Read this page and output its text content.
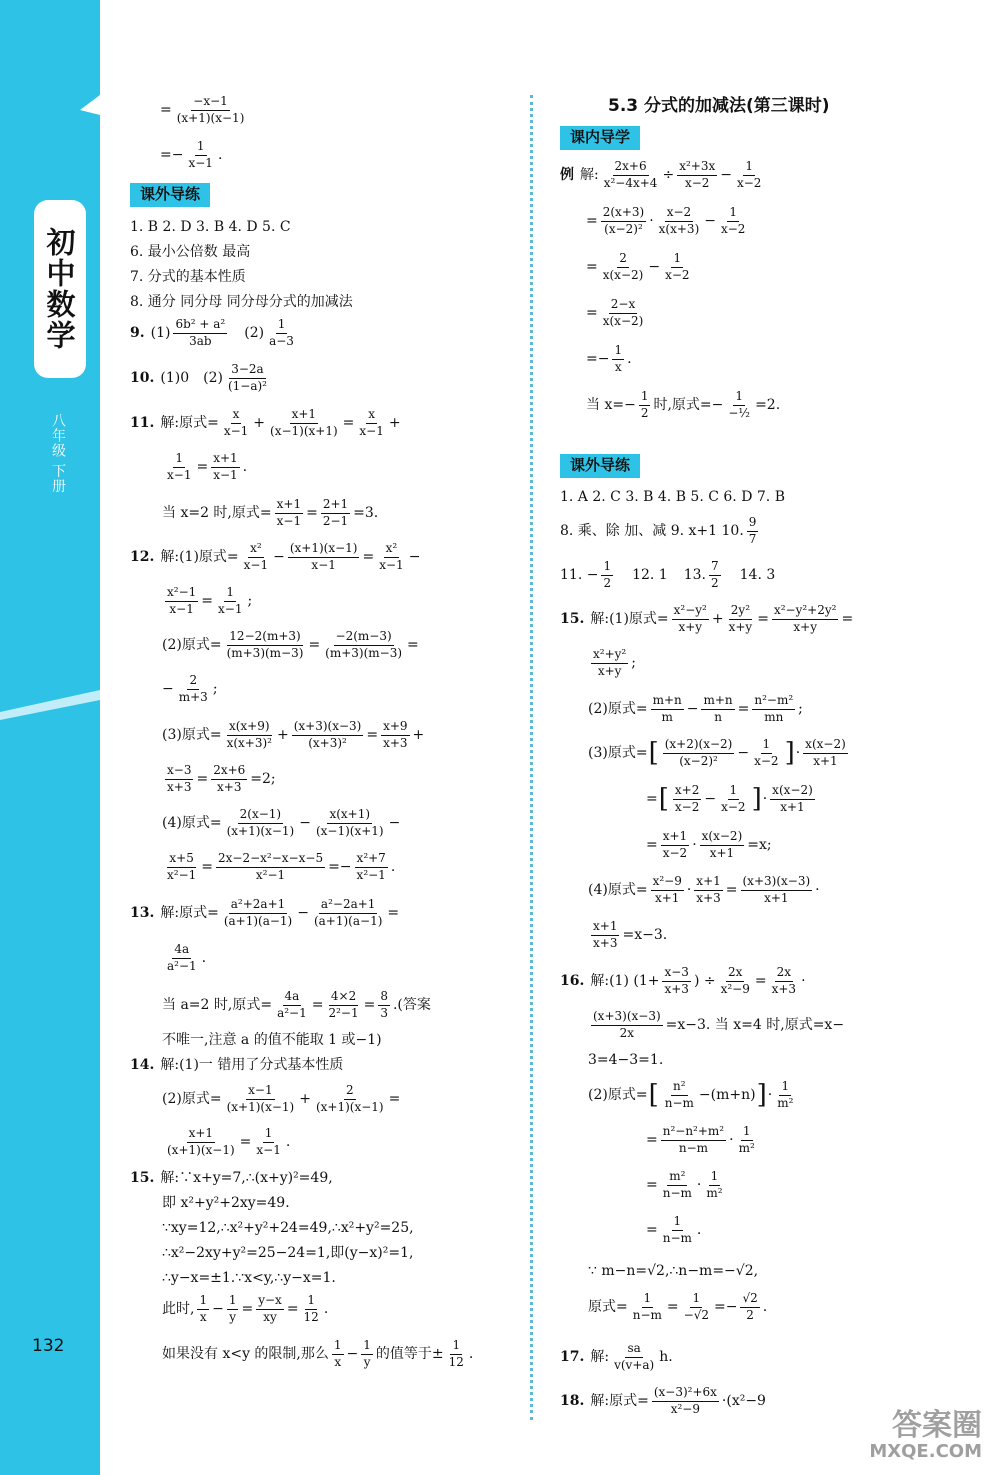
初中数学
八年级 下册
132
= $\frac{-x-1}{(x+1)(x-1)}$
=− $\frac{1}{x-1}$ .
课外导练
1. B 2. D 3. B 4. D 5. C
6. 最小公倍数 最高
7. 分式的基本性质
8. 通分 同分母 同分母分式的加减法
9. $(1) \frac{\text{6b² + a²}}{3ab} (2) \frac{1}{a-3}$
10. (1)0 $(2) \frac{3-2a}{\text{(1−a)²}}$
11. 解:原式= $\frac{x}{x-1} + \frac{x+1}{(x-1)(x+1)} = \frac{x}{x-1}$ +
$\frac{1}{x-1} = \frac{x+1}{x-1}$ .
当 x=2 时,原式= $\frac{x+1}{x-1} = \frac{2+1}{2-1} =3$.
12. 解:(1)原式= $\frac{\text{x²}}{x-1} - \frac{(x+1)(x-1)}{x-1} = \frac{\text{x²}}{x-1}$ −
$\frac{\text{x²−1}}{x-1} = \frac{1}{x-1}$ ;
(2)原式= $\frac{12-2(m+3)}{(m+3)(m-3)} = \frac{-2(m-3)}{(m+3)(m-3)}$ =
− $\frac{2}{m+3}$ ;
(3)原式= $\frac{x(x+9)}{\text{x(x+3)²}} + \frac{(x+3)(x-3)}{\text{(x+3)²}} = \frac{x+9}{x+3}$ +
$\frac{x-3}{x+3} = \frac{2x+6}{x+3} =2$;
(4)原式= $\frac{2(x-1)}{(x+1)(x-1)} - \frac{x(x+1)}{(x-1)(x+1)}$ −
$\frac{x+5}{\text{x²−1}} = \frac{\text{2x−2−x²−x−x−5}}{\text{x²−1}} =- \frac{\text{x²+7}}{\text{x²−1}}$ .
13. 解:原式= $\frac{\text{a²+2a+1}}{(a+1)(a-1)} - \frac{\text{a²−2a+1}}{(a+1)(a-1)}$ =
$\frac{4a}{\text{a²−1}}$ .
当 a=2 时,原式= $\frac{4a}{\text{a²−1}} = \frac{4\times 2}{\text{2²−1}} = \frac{8}{3}$ .(答案
不唯一,注意 a 的值不能取 1 或−1)
14. 解:(1)一 错用了分式基本性质
(2)原式= $\frac{x-1}{(x+1)(x-1)} + \frac{2}{(x+1)(x-1)}$ =
$\frac{x+1}{(x+1)(x-1)} = \frac{1}{x-1}$ .
15. 解:∵x+y=7,∴(x+y)²=49,
即 x²+y²+2xy=49.
∵xy=12,∴x²+y²+24=49,∴x²+y²=25,
∴x²−2xy+y²=25−24=1,即(y−x)²=1,
∴y−x=±1.∵x<y,∴y−x=1.
此时, $\frac{1}{x} - \frac{1}{y} = \frac{y-x}{xy} = \frac{1}{12}$ .
如果没有 x<y 的限制,那么 $\frac{1}{x} - \frac{1}{y}$ 的值等于± $\frac{1}{12}$ .
5.3 分式的加减法(第三课时)
课内导学
例 解: $\frac{2x+6}{\text{x²−4x+4}} \div \frac{\text{x²+3x}}{x-2} - \frac{1}{x-2}$
= $\frac{2(x+3)}{\text{(x−2)²}} \cdot \frac{x-2}{x(x+3)} - \frac{1}{x-2}$
= $\frac{2}{x(x-2)} - \frac{1}{x-2}$
= $\frac{2-x}{x(x-2)}$
=− $\frac{1}{x}$ .
当 $x=- \frac{1}{2}$ 时,原式=−
1
−½ =2.
课外导练
1. A 2. C 3. B 4. B 5. C 6. D 7. B
8. 乘、除 加、减 9. x+1 10. $\frac{9}{7}$
11. − $\frac{1}{2} 12$. 1 13. $\frac{7}{2} 14$. 3
15. 解:(1)原式= $\frac{\text{x²−y²}}{x+y} + \frac{\text{2y²}}{x+y} = \frac{\text{x²−y²+2y²}}{x+y}$ =
$\frac{\text{x²+y²}}{x+y}$ ;
(2)原式= $\frac{m+n}{m} - \frac{m+n}{n} = \frac{\text{n²−m²}}{mn}$ ;
(3)原式= [ $\frac{(x+2)(x-2)}{\text{(x−2)²}} - \frac{1}{x-2}$ ] · $\frac{x(x-2)}{x+1}$
= [ $\frac{x+2}{x-2} - \frac{1}{x-2}$ ] · $\frac{x(x-2)}{x+1}$
= $\frac{x+1}{x-2} \cdot \frac{x(x-2)}{x+1} =x$;
(4)原式= $\frac{\text{x²−9}}{x+1} \cdot \frac{x+1}{x+3} = \frac{(x+3)(x-3)}{x+1}$ ·
$\frac{x+1}{x+3} =x-3$.
16. 解:(1) ($1+ \frac{x-3}{x+3}$ ) ÷ $\frac{2x}{\text{x²−9}} = \frac{2x}{x+3}$ ·
$\frac{(x+3)(x-3)}{2x} =x-3$. 当 x=4 时,原式=x−
3=4−3=1.
(2)原式= [ $\frac{\text{n²}}{n-m} -(m+n)$ ] · $\frac{1}{\text{m²}}$
= $\frac{\text{n²−n²+m²}}{n-m} \cdot \frac{1}{\text{m²}}$
= $\frac{\text{m²}}{n-m} \cdot \frac{1}{\text{m²}}$
= $\frac{1}{n-m}$ .
∵ m−n=√2,∴n−m=−√2,
原式= $\frac{1}{n-m} = \frac{1}{-√2} =- \frac{√2}{2}$ .
17. 解: $\frac{sa}{v(v+a)} h$.
18. 解:原式= $\frac{\text{(x−3)²+6x}}{\text{x²−9}} \cdot(x^2-9$
答案圈
MXQE.COM
